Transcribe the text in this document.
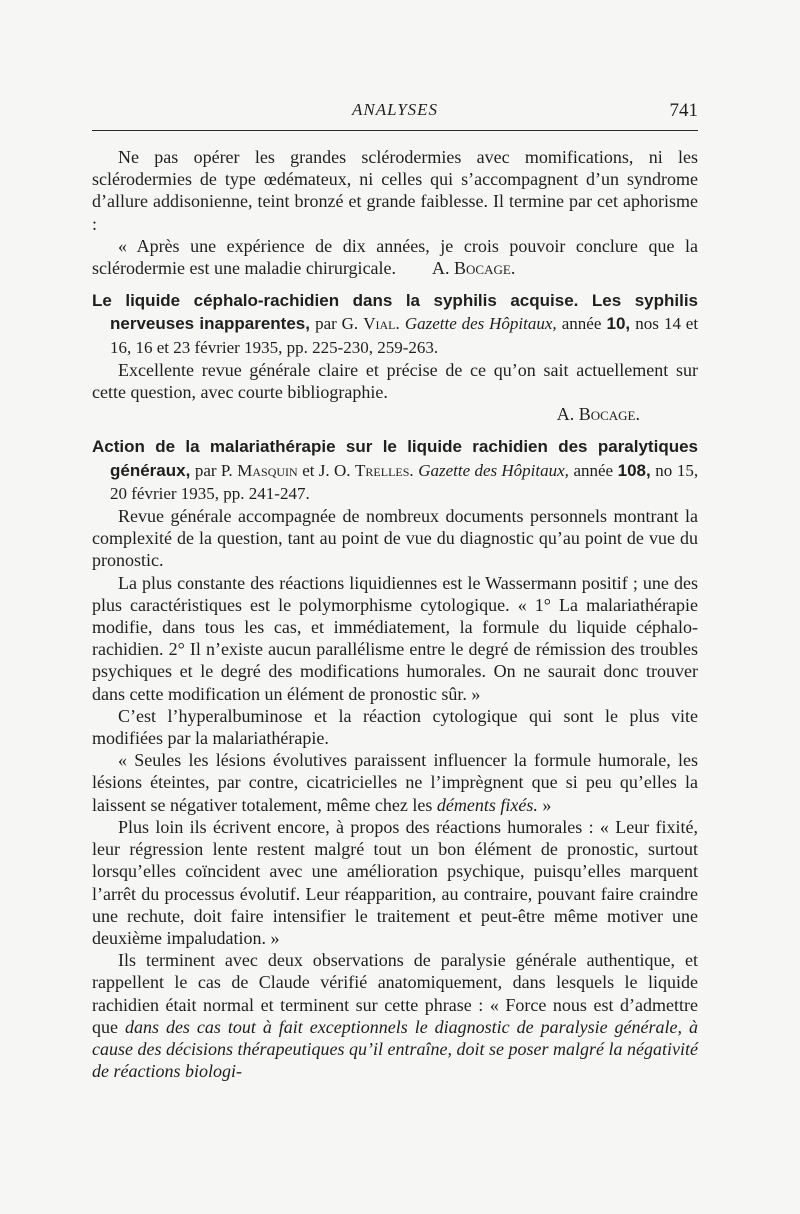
ANALYSES	741

Ne pas opérer les grandes sclérodermies avec momifications, ni les sclérodermies de type œdémateux, ni celles qui s’accompagnent d’un syndrome d’allure addisonienne, teint bronzé et grande faiblesse. Il termine par cet aphorisme :

« Après une expérience de dix années, je crois pouvoir conclure que la sclérodermie est une maladie chirurgicale. A. Bocage.

Le liquide céphalo-rachidien dans la syphilis acquise. Les syphilis nerveuses inapparentes, par G. Vial. Gazette des Hôpitaux, année 10, nos 14 et 16, 16 et 23 février 1935, pp. 225-230, 259-263.

Excellente revue générale claire et précise de ce qu’on sait actuellement sur cette question, avec courte bibliographie.

A. Bocage.

Action de la malariathérapie sur le liquide rachidien des paralytiques généraux, par P. Masquin et J. O. Trelles. Gazette des Hôpitaux, année 108, no 15, 20 février 1935, pp. 241-247.

Revue générale accompagnée de nombreux documents personnels montrant la complexité de la question, tant au point de vue du diagnostic qu’au point de vue du pronostic.

La plus constante des réactions liquidiennes est le Wassermann positif ; une des plus caractéristiques est le polymorphisme cytologique. « 1° La malariathérapie modifie, dans tous les cas, et immédiatement, la formule du liquide céphalo-rachidien. 2° Il n’existe aucun parallélisme entre le degré de rémission des troubles psychiques et le degré des modifications humorales. On ne saurait donc trouver dans cette modification un élément de pronostic sûr. »

C’est l’hyperalbuminose et la réaction cytologique qui sont le plus vite modifiées par la malariathérapie.

« Seules les lésions évolutives paraissent influencer la formule humorale, les lésions éteintes, par contre, cicatricielles ne l’imprègnent que si peu qu’elles la laissent se négativer totalement, même chez les déments fixés. »

Plus loin ils écrivent encore, à propos des réactions humorales : « Leur fixité, leur régression lente restent malgré tout un bon élément de pronostic, surtout lorsqu’elles coïncident avec une amélioration psychique, puisqu’elles marquent l’arrêt du processus évolutif. Leur réapparition, au contraire, pouvant faire craindre une rechute, doit faire intensifier le traitement et peut-être même motiver une deuxième impaludation. »

Ils terminent avec deux observations de paralysie générale authentique, et rappellent le cas de Claude vérifié anatomiquement, dans lesquels le liquide rachidien était normal et terminent sur cette phrase : « Force nous est d’admettre que dans des cas tout à fait exceptionnels le diagnostic de paralysie générale, à cause des décisions thérapeutiques qu’il entraîne, doit se poser malgré la négativité de réactions biologi-
